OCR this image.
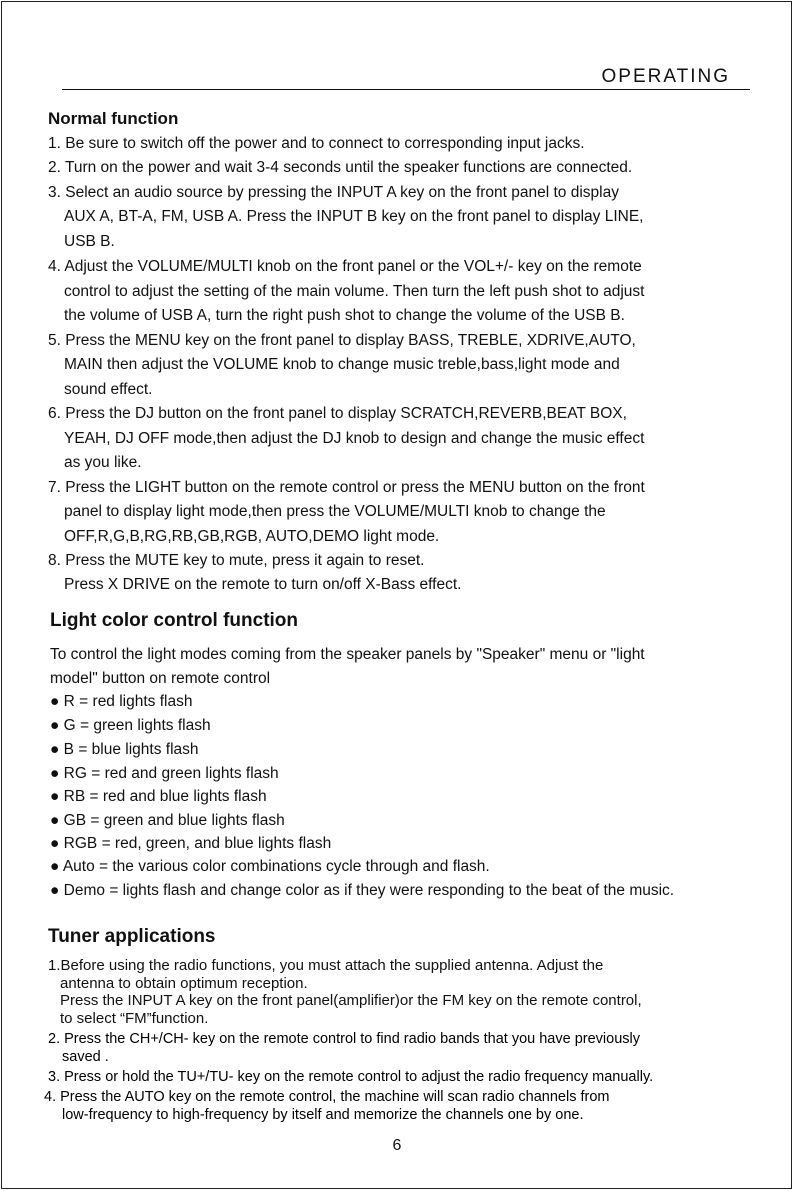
OPERATING
Normal function
1. Be sure to switch off the power and to connect to corresponding input jacks.
2. Turn on the power and wait 3-4 seconds until the speaker functions are connected.
3. Select an audio source by pressing the INPUT A key on the front panel to display
AUX A, BT-A, FM, USB A. Press the INPUT B key on the front panel to display LINE,
USB B.
4. Adjust the VOLUME/MULTI knob on the front panel or the VOL+/- key on the remote
control to adjust the setting of the main volume. Then turn the left push shot to adjust
the volume of USB A, turn the right push shot to change the volume of the USB B.
5. Press the MENU key on the front panel to display BASS, TREBLE, XDRIVE,AUTO,
MAIN then adjust the VOLUME knob to change music treble,bass,light mode and
sound effect.
6. Press the DJ button on the front panel to display SCRATCH,REVERB,BEAT BOX,
YEAH, DJ OFF mode,then adjust the DJ knob to design and change the music effect
as you like.
7. Press the LIGHT button on the remote control or press the MENU button on the front
panel to display light mode,then press the VOLUME/MULTI knob to change the
OFF,R,G,B,RG,RB,GB,RGB, AUTO,DEMO light mode.
8. Press the MUTE key to mute, press it again to reset.
Press X DRIVE on the remote to turn on/off X-Bass effect.
Light color control function
To control the light modes coming from the speaker panels by "Speaker" menu or "light
model" button on remote control
● R = red lights flash
● G = green lights flash
● B = blue lights flash
● RG = red and green lights flash
● RB = red and blue lights flash
● GB = green and blue lights flash
● RGB = red, green, and blue lights flash
● Auto = the various color combinations cycle through and flash.
● Demo = lights flash and change color as if they were responding to the beat of the music.
Tuner applications
1.Before using the radio functions, you must attach the supplied antenna. Adjust the
antenna to obtain optimum reception.
Press the INPUT A key on the front panel(amplifier)or the FM key on the remote control,
to select “FM”function.
2. Press the CH+/CH- key on the remote control to find radio bands that you have previously
saved .
3. Press or hold the TU+/TU- key on the remote control to adjust the radio frequency manually.
4. Press the AUTO key on the remote control, the machine will scan radio channels from
low-frequency to high-frequency by itself and memorize the channels one by one.
6
